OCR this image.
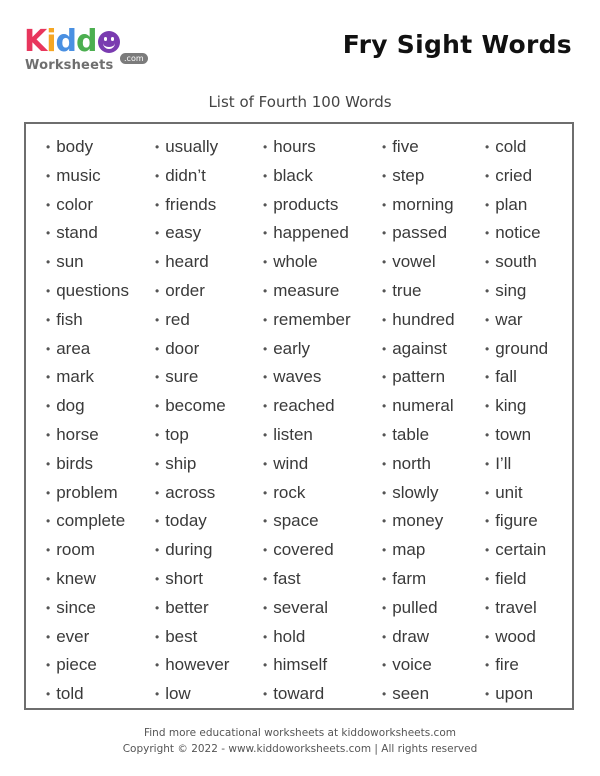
Kidd
Worksheets	.com	Fry Sight Words
List of Fourth 100 Words
• body
• music
• color
• stand
• sun
• questions
• fish
• area
• mark
• dog
• horse
• birds
• problem
• complete
• room
• knew
• since
• ever
• piece
• told
• usually
• didn’t
• friends
• easy
• heard
• order
• red
• door
• sure
• become
• top
• ship
• across
• today
• during
• short
• better
• best
• however
• low
• hours
• black
• products
• happened
• whole
• measure
• remember
• early
• waves
• reached
• listen
• wind
• rock
• space
• covered
• fast
• several
• hold
• himself
• toward
• five
• step
• morning
• passed
• vowel
• true
• hundred
• against
• pattern
• numeral
• table
• north
• slowly
• money
• map
• farm
• pulled
• draw
• voice
• seen
• cold
• cried
• plan
• notice
• south
• sing
• war
• ground
• fall
• king
• town
• I’ll
• unit
• figure
• certain
• field
• travel
• wood
• fire
• upon
Find more educational worksheets at kiddoworksheets.com
Copyright © 2022 - www.kiddoworksheets.com | All rights reserved
